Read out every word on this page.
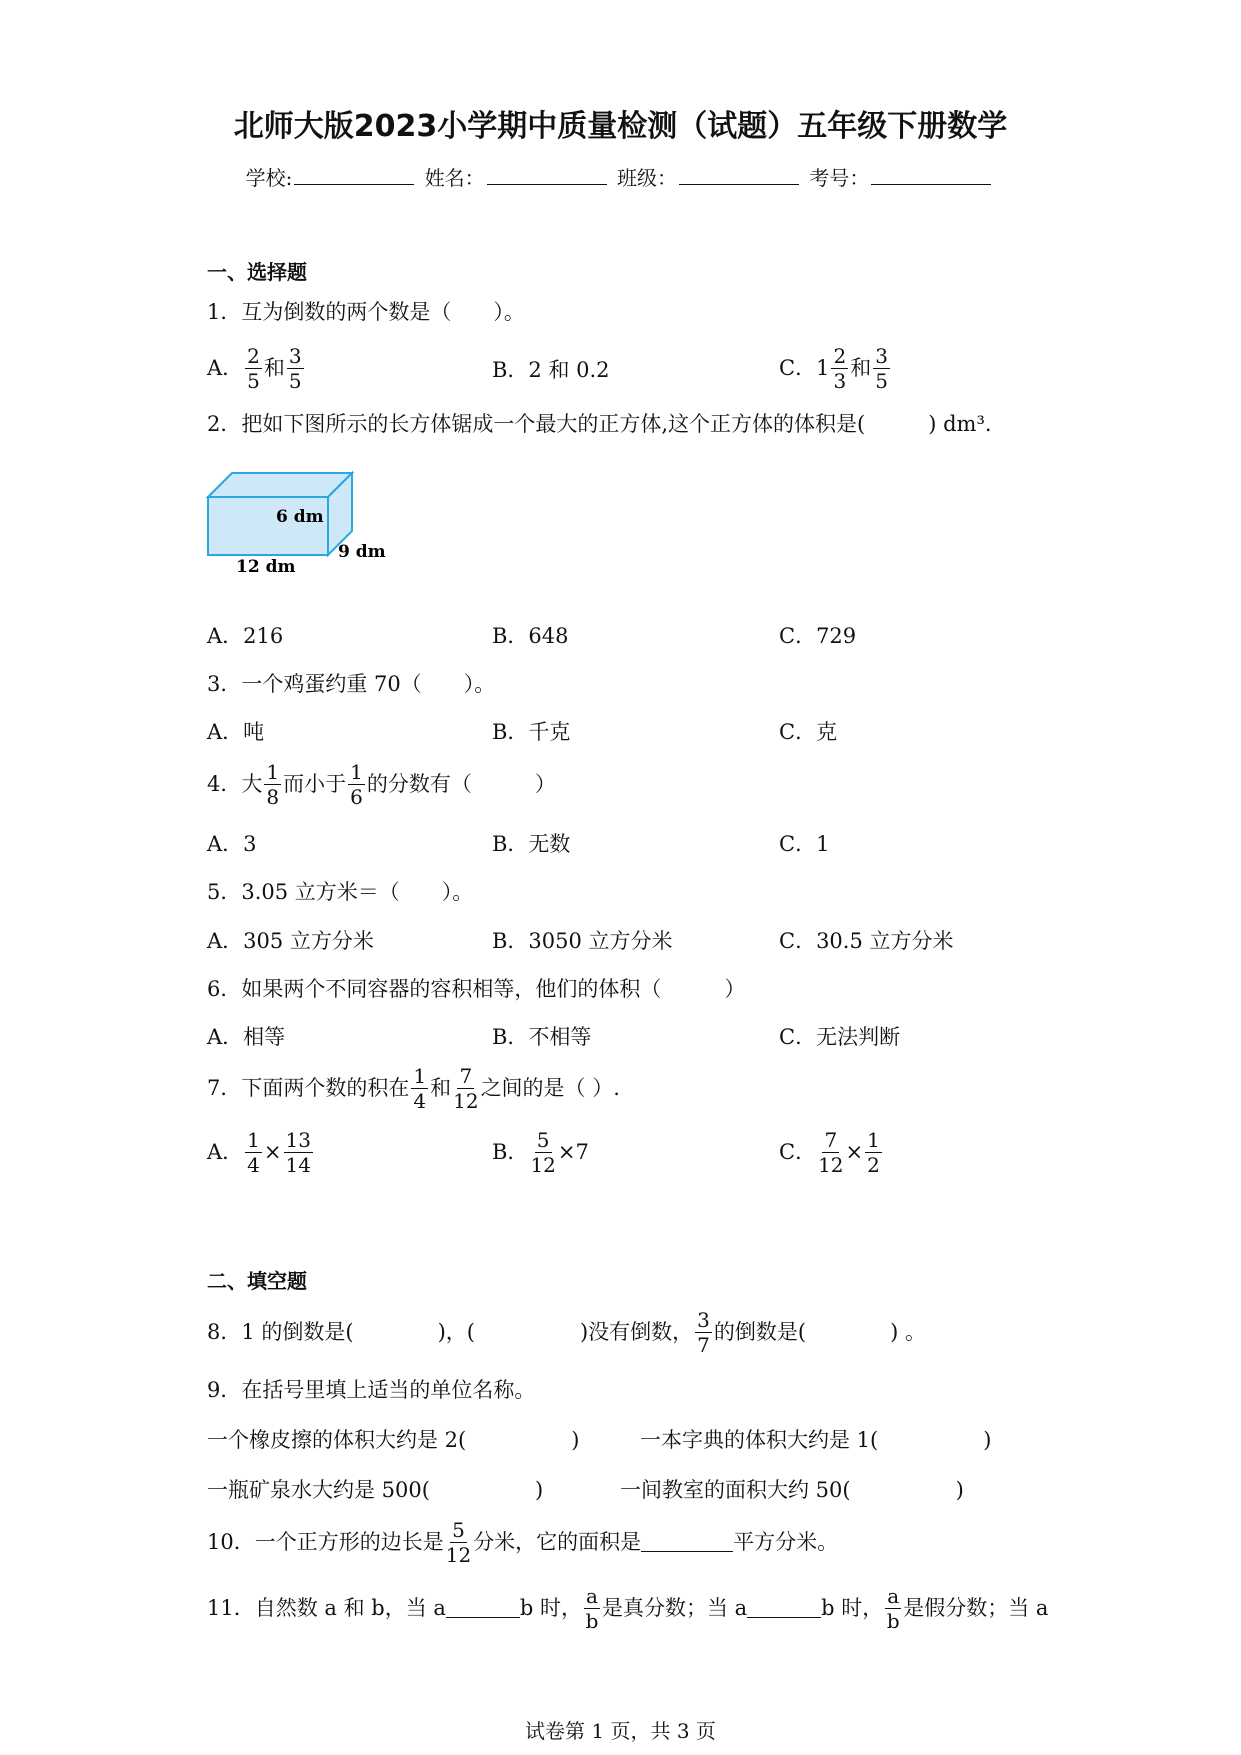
北师大版2023小学期中质量检测（试题）五年级下册数学
学校:	姓名：	班级：	考号：
一、选择题
1．互为倒数的两个数是（　　）。
A． $\frac{2}{5}$ 和 $\frac{3}{5}$	B．2 和 0.2	C． $1 \frac{2}{3}$ 和 $\frac{3}{5}$
2．把如下图所示的长方体锯成一个最大的正方体,这个正方体的体积是(　　　) dm³.
6 dm
9 dm
12 dm
A．216	B．648	C．729
3．一个鸡蛋约重 70（　　）。
A．吨	B．千克	C．克
4．大 $\frac{1}{8}$ 而小于 $\frac{1}{6}$ 的分数有（　　　）
A．3	B．无数	C．1
5．3.05 立方米＝（　　）。
A．305 立方分米	B．3050 立方分米	C．30.5 立方分米
6．如果两个不同容器的容积相等，他们的体积（　　　）
A．相等	B．不相等	C．无法判断
7．下面两个数的积在 $\frac{1}{4}$ 和 $\frac{7}{12}$ 之间的是（ ）.
A． $\frac{1}{4} \times \frac{13}{14}$	B． $\frac{5}{12} \times 7$	C． $\frac{7}{12} \times \frac{1}{2}$
二、填空题
8．1 的倒数是(　　　　)，(　　　　　)没有倒数， $\frac{3}{7}$ 的倒数是(　　　　) 。
9．在括号里填上适当的单位名称。
一个橡皮擦的体积大约是 2(　　　　　)	一本字典的体积大约是 1(　　　　　)
一瓶矿泉水大约是 500(　　　　　)	一间教室的面积大约 50(　　　　　)
10．一个正方形的边长是 $\frac{5}{12}$ 分米，它的面积是	平方分米。
11．自然数 a 和 b，当 a	b 时， $\frac{a}{b}$ 是真分数；当 a	b 时， $\frac{a}{b}$ 是假分数；当 a
试卷第 1 页，共 3 页
